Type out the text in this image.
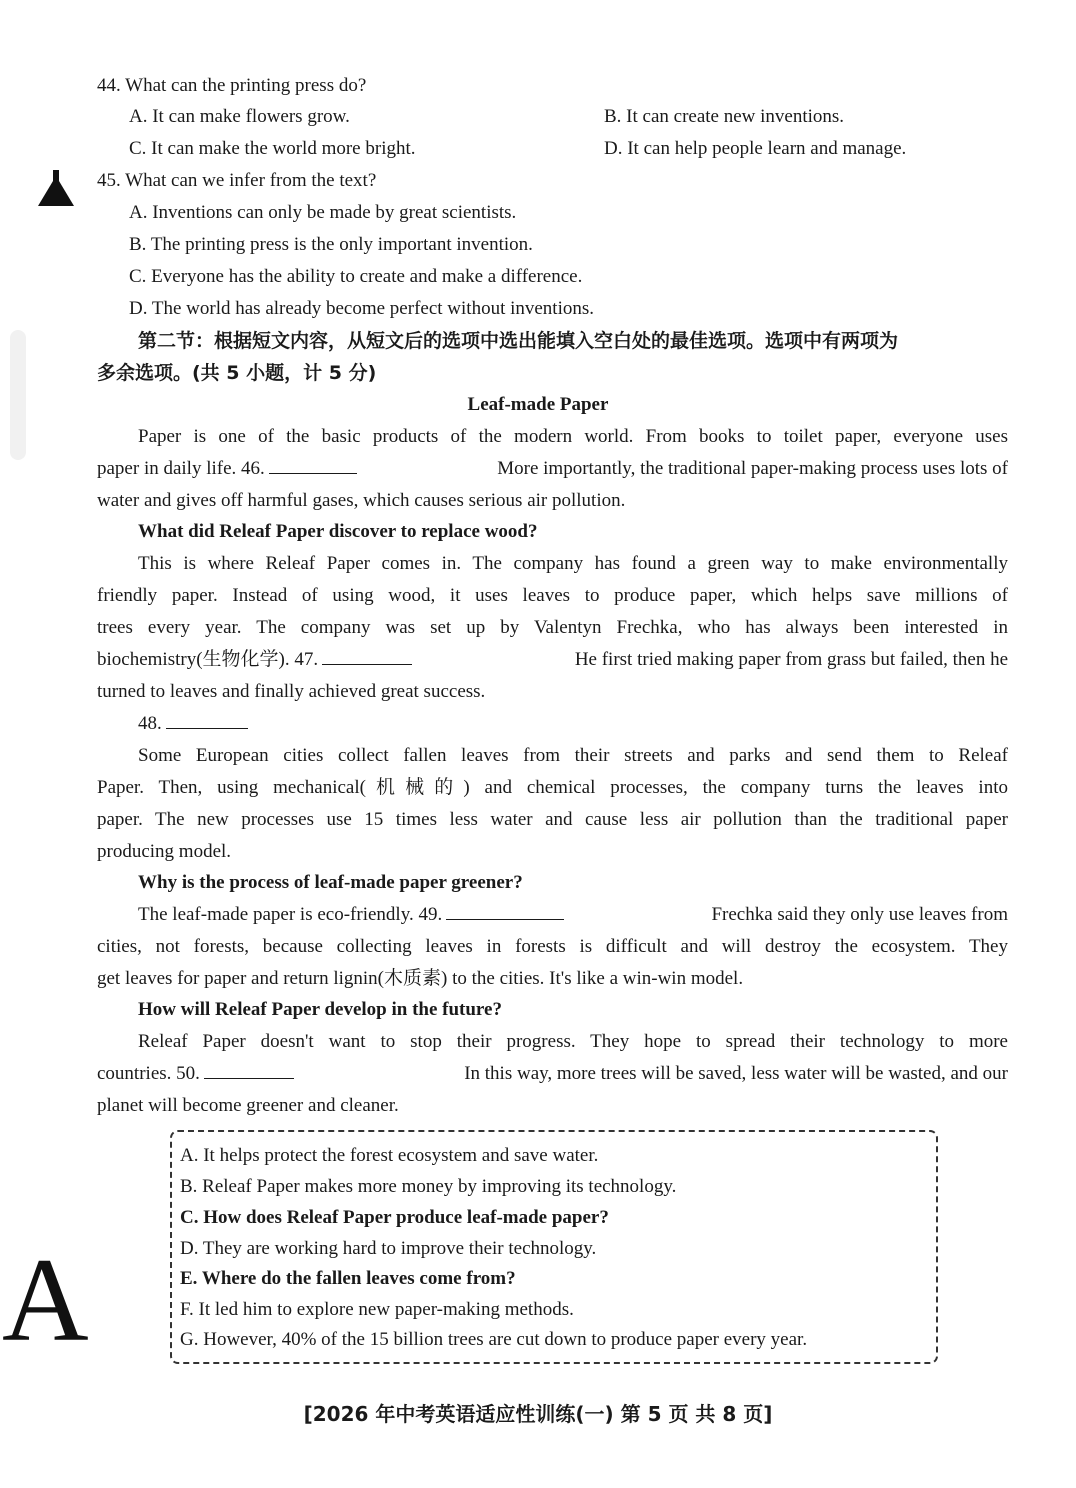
44. What can the printing press do?
A. It can make flowers grow.	B. It can create new inventions.
C. It can make the world more bright.	D. It can help people learn and manage.
45. What can we infer from the text?
A. Inventions can only be made by great scientists.
B. The printing press is the only important invention.
C. Everyone has the ability to create and make a difference.
D. The world has already become perfect without inventions.
第二节：根据短文内容，从短文后的选项中选出能填入空白处的最佳选项。选项中有两项为
多余选项。(共 5 小题，计 5 分)
Leaf-made Paper
Paper is one of the basic products of the modern world. From books to toilet paper, everyone uses
paper in daily life. 46.	More importantly, the traditional paper-making process uses lots of
water and gives off harmful gases, which causes serious air pollution.
What did Releaf Paper discover to replace wood?
This is where Releaf Paper comes in. The company has found a green way to make environmentally
friendly paper. Instead of using wood, it uses leaves to produce paper, which helps save millions of
trees every year. The company was set up by Valentyn Frechka, who has always been interested in
biochemistry(生物化学). 47.	He first tried making paper from grass but failed, then he
turned to leaves and finally achieved great success.
48.
Some European cities collect fallen leaves from their streets and parks and send them to Releaf
Paper. Then, using mechanical(机械的) and chemical processes, the company turns the leaves into
paper. The new processes use 15 times less water and cause less air pollution than the traditional paper
producing model.
Why is the process of leaf-made paper greener?
The leaf-made paper is eco-friendly. 49.	Frechka said they only use leaves from
cities, not forests, because collecting leaves in forests is difficult and will destroy the ecosystem. They
get leaves for paper and return lignin(木质素) to the cities. It's like a win-win model.
How will Releaf Paper develop in the future?
Releaf Paper doesn't want to stop their progress. They hope to spread their technology to more
countries. 50.	In this way, more trees will be saved, less water will be wasted, and our
planet will become greener and cleaner.
A. It helps protect the forest ecosystem and save water.
B. Releaf Paper makes more money by improving its technology.
C. How does Releaf Paper produce leaf-made paper?
D. They are working hard to improve their technology.
E. Where do the fallen leaves come from?
F. It led him to explore new paper-making methods.
G. However, 40% of the 15 billion trees are cut down to produce paper every year.
A
[2026 年中考英语适应性训练(一) 第 5 页 共 8 页]
